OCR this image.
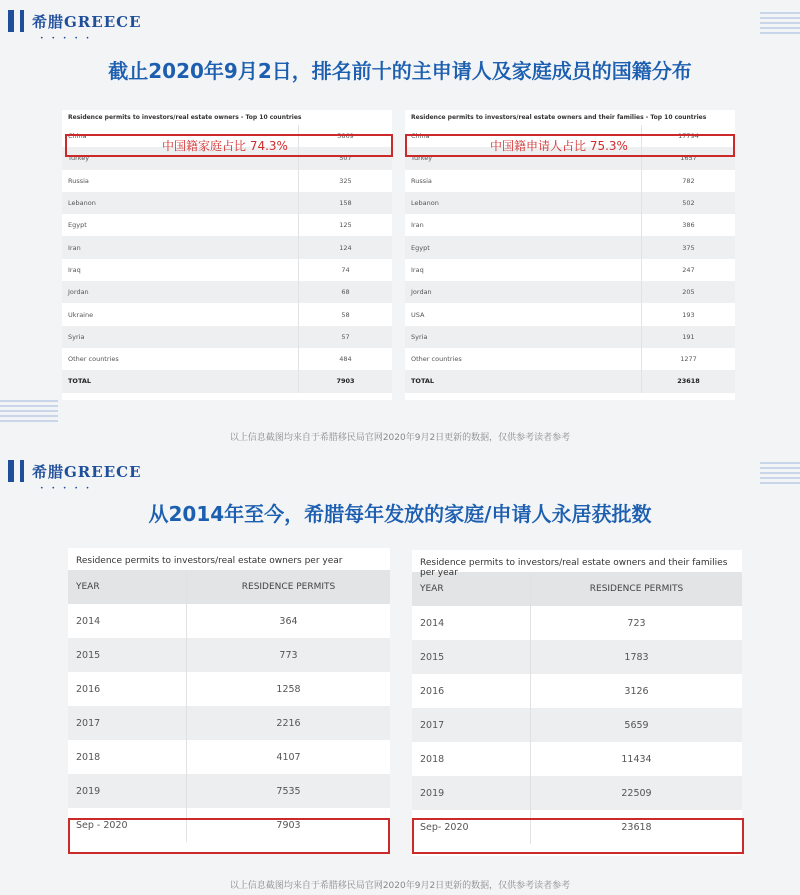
希腊GREECE
• • • • •
截止2020年9月2日，排名前十的主申请人及家庭成员的国籍分布
Residence permits to investors/real estate owners - Top 10 countries
China	5869
Turkey	507
Russia	325
Lebanon	158
Egypt	125
Iran	124
Iraq	74
Jordan	68
Ukraine	58
Syria	57
Other countries	484
TOTAL	7903
中国籍家庭占比 74.3%
Residence permits to investors/real estate owners and their families - Top 10 countries
China	17794
Turkey	1657
Russia	782
Lebanon	502
Iran	386
Egypt	375
Iraq	247
Jordan	205
USA	193
Syria	191
Other countries	1277
TOTAL	23618
中国籍申请人占比 75.3%
以上信息截图均来自于希腊移民局官网2020年9月2日更新的数据，仅供参考读者参考
希腊GREECE
• • • • •
从2014年至今，希腊每年发放的家庭/申请人永居获批数
Residence permits to investors/real estate owners per year
YEAR	RESIDENCE PERMITS
2014	364
2015	773
2016	1258
2017	2216
2018	4107
2019	7535
Sep - 2020	7903
Residence permits to investors/real estate owners and their families per year
YEAR	RESIDENCE PERMITS
2014	723
2015	1783
2016	3126
2017	5659
2018	11434
2019	22509
Sep- 2020	23618
以上信息截图均来自于希腊移民局官网2020年9月2日更新的数据，仅供参考读者参考
